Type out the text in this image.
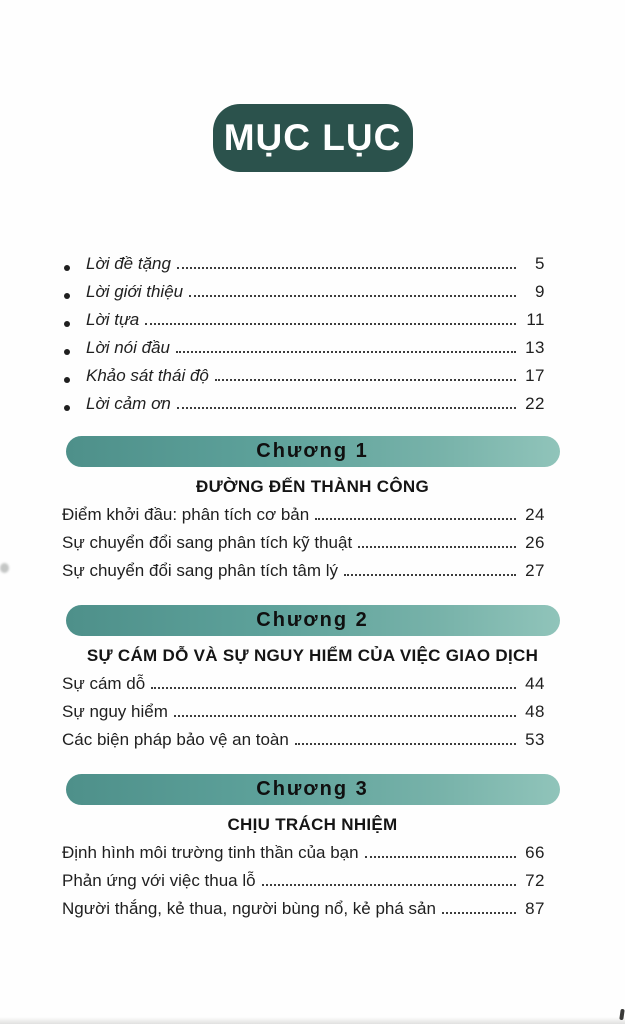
MỤC LỤC
Lời đề tặng	5
Lời giới thiệu	9
Lời tựa	11
Lời nói đầu	13
Khảo sát thái độ	17
Lời cảm ơn	22
Chương 1
ĐƯỜNG ĐẾN THÀNH CÔNG
Điểm khởi đầu: phân tích cơ bản	24
Sự chuyển đổi sang phân tích kỹ thuật	26
Sự chuyển đổi sang phân tích tâm lý	27
Chương 2
SỰ CÁM DỖ VÀ SỰ NGUY HIỂM CỦA VIỆC GIAO DỊCH
Sự cám dỗ	44
Sự nguy hiểm	48
Các biện pháp bảo vệ an toàn	53
Chương 3
CHỊU TRÁCH NHIỆM
Định hình môi trường tinh thần của bạn	66
Phản ứng với việc thua lỗ	72
Người thắng, kẻ thua, người bùng nổ, kẻ phá sản	87
